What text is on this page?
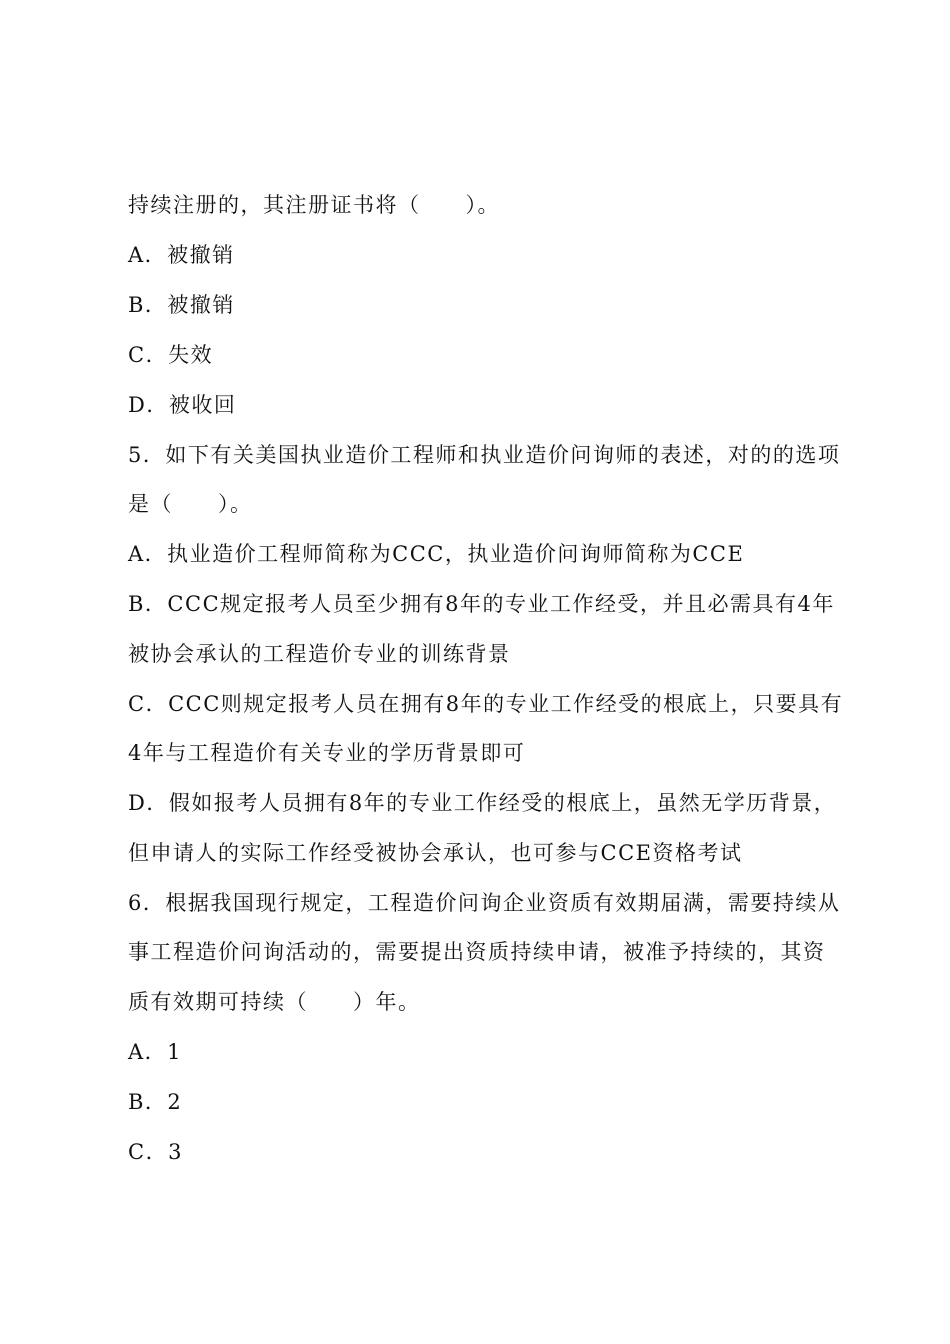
持续注册的，其注册证书将（　　）。
A．被撤销
B．被撤销
C．失效
D．被收回
5．如下有关美国执业造价工程师和执业造价问询师的表述，对的的选项
是（　　）。
A．执业造价工程师简称为CCC，执业造价问询师简称为CCE
B．CCC规定报考人员至少拥有8年的专业工作经受，并且必需具有4年
被协会承认的工程造价专业的训练背景
C．CCC则规定报考人员在拥有8年的专业工作经受的根底上，只要具有
4年与工程造价有关专业的学历背景即可
D．假如报考人员拥有8年的专业工作经受的根底上，虽然无学历背景，
但申请人的实际工作经受被协会承认，也可参与CCE资格考试
6．根据我国现行规定，工程造价问询企业资质有效期届满，需要持续从
事工程造价问询活动的，需要提出资质持续申请，被准予持续的，其资
质有效期可持续（　　）年。
A．1
B．2
C．3
